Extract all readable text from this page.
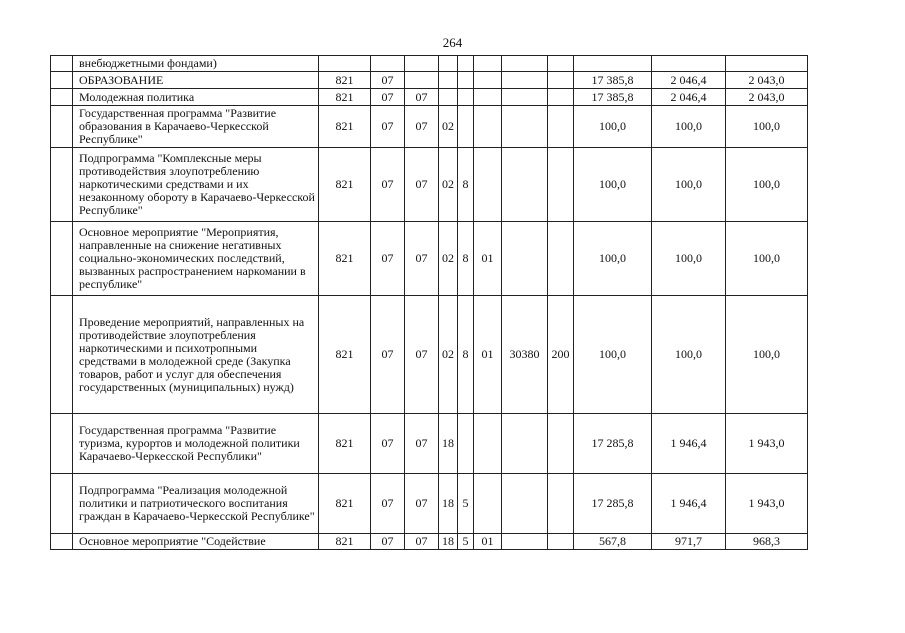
264
	внебюджетными фондами)											
	ОБРАЗОВАНИЕ	821	07							17 385,8	2 046,4	2 043,0
	Молодежная политика	821	07	07						17 385,8	2 046,4	2 043,0
	Государственная программа "Развитие образования в Карачаево-Черкесской Республике"	821	07	07	02					100,0	100,0	100,0
	Подпрограмма "Комплексные меры противодействия злоупотреблению наркотическими средствами и их незаконному обороту в Карачаево-Черкесской Республике"	821	07	07	02	8				100,0	100,0	100,0
	Основное мероприятие "Мероприятия, направленные на снижение негативных социально-экономических последствий, вызванных распространением наркомании в республике"	821	07	07	02	8	01			100,0	100,0	100,0
	Проведение мероприятий, направленных на противодействие злоупотребления наркотическими и психотропными средствами в молодежной среде (Закупка товаров, работ и услуг для обеспечения государственных (муниципальных) нужд)	821	07	07	02	8	01	30380	200	100,0	100,0	100,0
	Государственная программа "Развитие туризма, курортов и молодежной политики Карачаево-Черкесской Республики"	821	07	07	18					17 285,8	1 946,4	1 943,0
	Подпрограмма "Реализация молодежной политики и патриотического воспитания граждан в Карачаево-Черкесской Республике"	821	07	07	18	5				17 285,8	1 946,4	1 943,0
	Основное мероприятие "Содействие	821	07	07	18	5	01			567,8	971,7	968,3
